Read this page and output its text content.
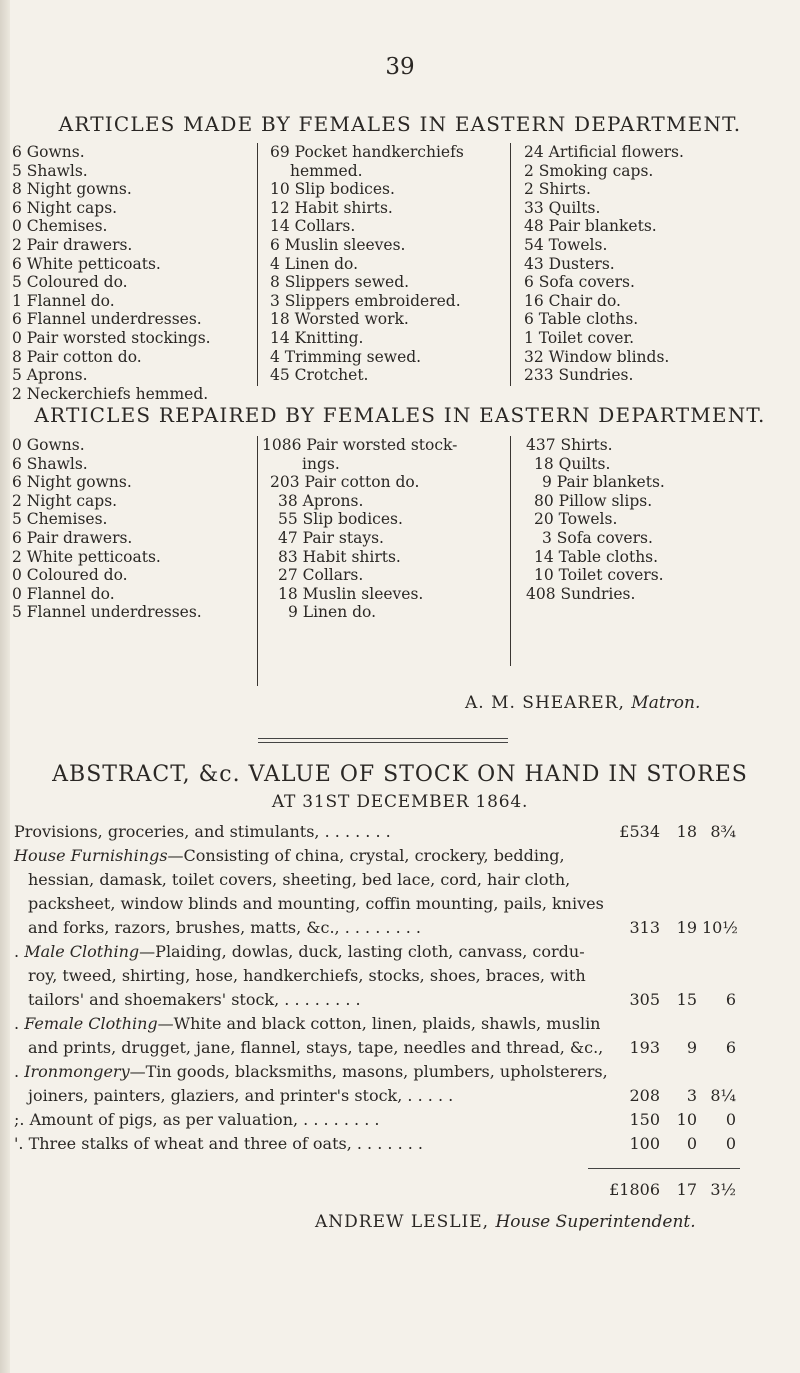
39
ARTICLES MADE BY FEMALES IN EASTERN DEPARTMENT.
6 Gowns.
5 Shawls.
8 Night gowns.
6 Night caps.
0 Chemises.
2 Pair drawers.
6 White petticoats.
5 Coloured do.
1 Flannel do.
6 Flannel underdresses.
0 Pair worsted stockings.
8 Pair cotton do.
5 Aprons.
2 Neckerchiefs hemmed.
69 Pocket handkerchiefs
hemmed.
10 Slip bodices.
12 Habit shirts.
14 Collars.
6 Muslin sleeves.
4 Linen do.
8 Slippers sewed.
3 Slippers embroidered.
18 Worsted work.
14 Knitting.
4 Trimming sewed.
45 Crotchet.
24 Artificial flowers.
2 Smoking caps.
2 Shirts.
33 Quilts.
48 Pair blankets.
54 Towels.
43 Dusters.
6 Sofa covers.
16 Chair do.
6 Table cloths.
1 Toilet cover.
32 Window blinds.
233 Sundries.
ARTICLES REPAIRED BY FEMALES IN EASTERN DEPARTMENT.
0 Gowns.
6 Shawls.
6 Night gowns.
2 Night caps.
5 Chemises.
6 Pair drawers.
2 White petticoats.
0 Coloured do.
0 Flannel do.
5 Flannel underdresses.
1086 Pair worsted stock-
ings.
203 Pair cotton do.
38 Aprons.
55 Slip bodices.
47 Pair stays.
83 Habit shirts.
27 Collars.
18 Muslin sleeves.
9 Linen do.
437 Shirts.
18 Quilts.
9 Pair blankets.
80 Pillow slips.
20 Towels.
3 Sofa covers.
14 Table cloths.
10 Toilet covers.
408 Sundries.
A. M. SHEARER, Matron.
ABSTRACT, &c. VALUE OF STOCK ON HAND IN STORES
AT 31ST DECEMBER 1864.
Provisions, groceries, and stimulants, . . . . . . .	£534	18 8¾
House Furnishings—Consisting of china, crystal, crockery, bedding,
hessian, damask, toilet covers, sheeting, bed lace, cord, hair cloth,
packsheet, window blinds and mounting, coffin mounting, pails, knives
and forks, razors, brushes, matts, &c., . . . . . . . .	313	19 10½
. Male Clothing—Plaiding, dowlas, duck, lasting cloth, canvass, cordu-
roy, tweed, shirting, hose, handkerchiefs, stocks, shoes, braces, with
tailors' and shoemakers' stock, . . . . . . . .	305	15	6
. Female Clothing—White and black cotton, linen, plaids, shawls, muslin
and prints, drugget, jane, flannel, stays, tape, needles and thread, &c.,	193	9	6
. Ironmongery—Tin goods, blacksmiths, masons, plumbers, upholsterers,
joiners, painters, glaziers, and printer's stock, . . . . .	208	3 8¼
;. Amount of pigs, as per valuation, . . . . . . . .	150	10	0
'. Three stalks of wheat and three of oats, . . . . . . .	100	0	0
£1806	17 3½
ANDREW LESLIE, House Superintendent.
